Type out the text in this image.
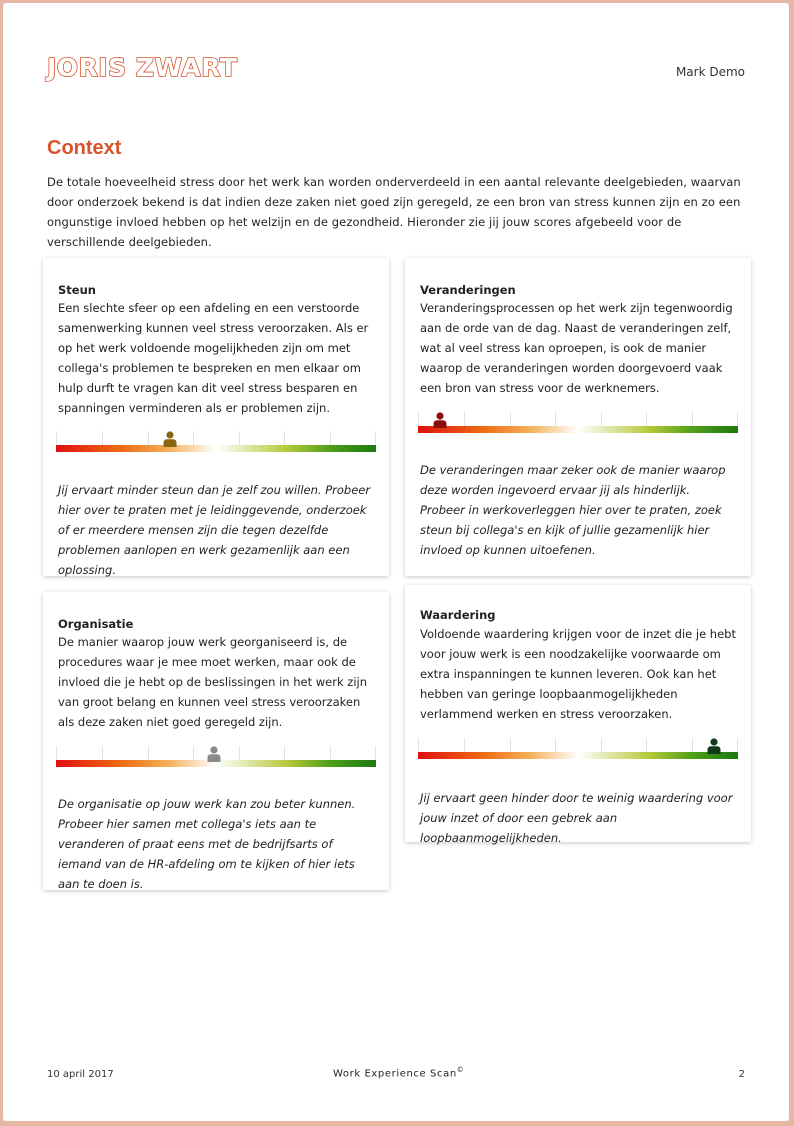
JORIS ZWART	Mark Demo
Context
De totale hoeveelheid stress door het werk kan worden onderverdeeld in een aantal relevante deelgebieden, waarvan door onderzoek bekend is dat indien deze zaken niet goed zijn geregeld, ze een bron van stress kunnen zijn en zo een ongunstige invloed hebben op het welzijn en de gezondheid. Hieronder zie jij jouw scores afgebeeld voor de verschillende deelgebieden.
Steun
Een slechte sfeer op een afdeling en een verstoorde samenwerking kunnen veel stress veroorzaken. Als er op het werk voldoende mogelijkheden zijn om met collega's problemen te bespreken en men elkaar om hulp durft te vragen kan dit veel stress besparen en spanningen verminderen als er problemen zijn.
Jij ervaart minder steun dan je zelf zou willen. Probeer hier over te praten met je leidinggevende, onderzoek of er meerdere mensen zijn die tegen dezelfde problemen aanlopen en werk gezamenlijk aan een oplossing.
Veranderingen
Veranderingsprocessen op het werk zijn tegenwoordig aan de orde van de dag. Naast de veranderingen zelf, wat al veel stress kan oproepen, is ook de manier waarop de veranderingen worden doorgevoerd vaak een bron van stress voor de werknemers.
De veranderingen maar zeker ook de manier waarop deze worden ingevoerd ervaar jij als hinderlijk. Probeer in werkoverleggen hier over te praten, zoek steun bij collega's en kijk of jullie gezamenlijk hier invloed op kunnen uitoefenen.
Organisatie
De manier waarop jouw werk georganiseerd is, de procedures waar je mee moet werken, maar ook de invloed die je hebt op de beslissingen in het werk zijn van groot belang en kunnen veel stress veroorzaken als deze zaken niet goed geregeld zijn.
De organisatie op jouw werk kan zou beter kunnen. Probeer hier samen met collega's iets aan te veranderen of praat eens met de bedrijfsarts of iemand van de HR-afdeling om te kijken of hier iets aan te doen is.
Waardering
Voldoende waardering krijgen voor de inzet die je hebt voor jouw werk is een noodzakelijke voorwaarde om extra inspanningen te kunnen leveren. Ook kan het hebben van geringe loopbaanmogelijkheden verlammend werken en stress veroorzaken.
Jij ervaart geen hinder door te weinig waardering voor jouw inzet of door een gebrek aan loopbaanmogelijkheden.
10 april 2017	Work Experience Scan©	2
